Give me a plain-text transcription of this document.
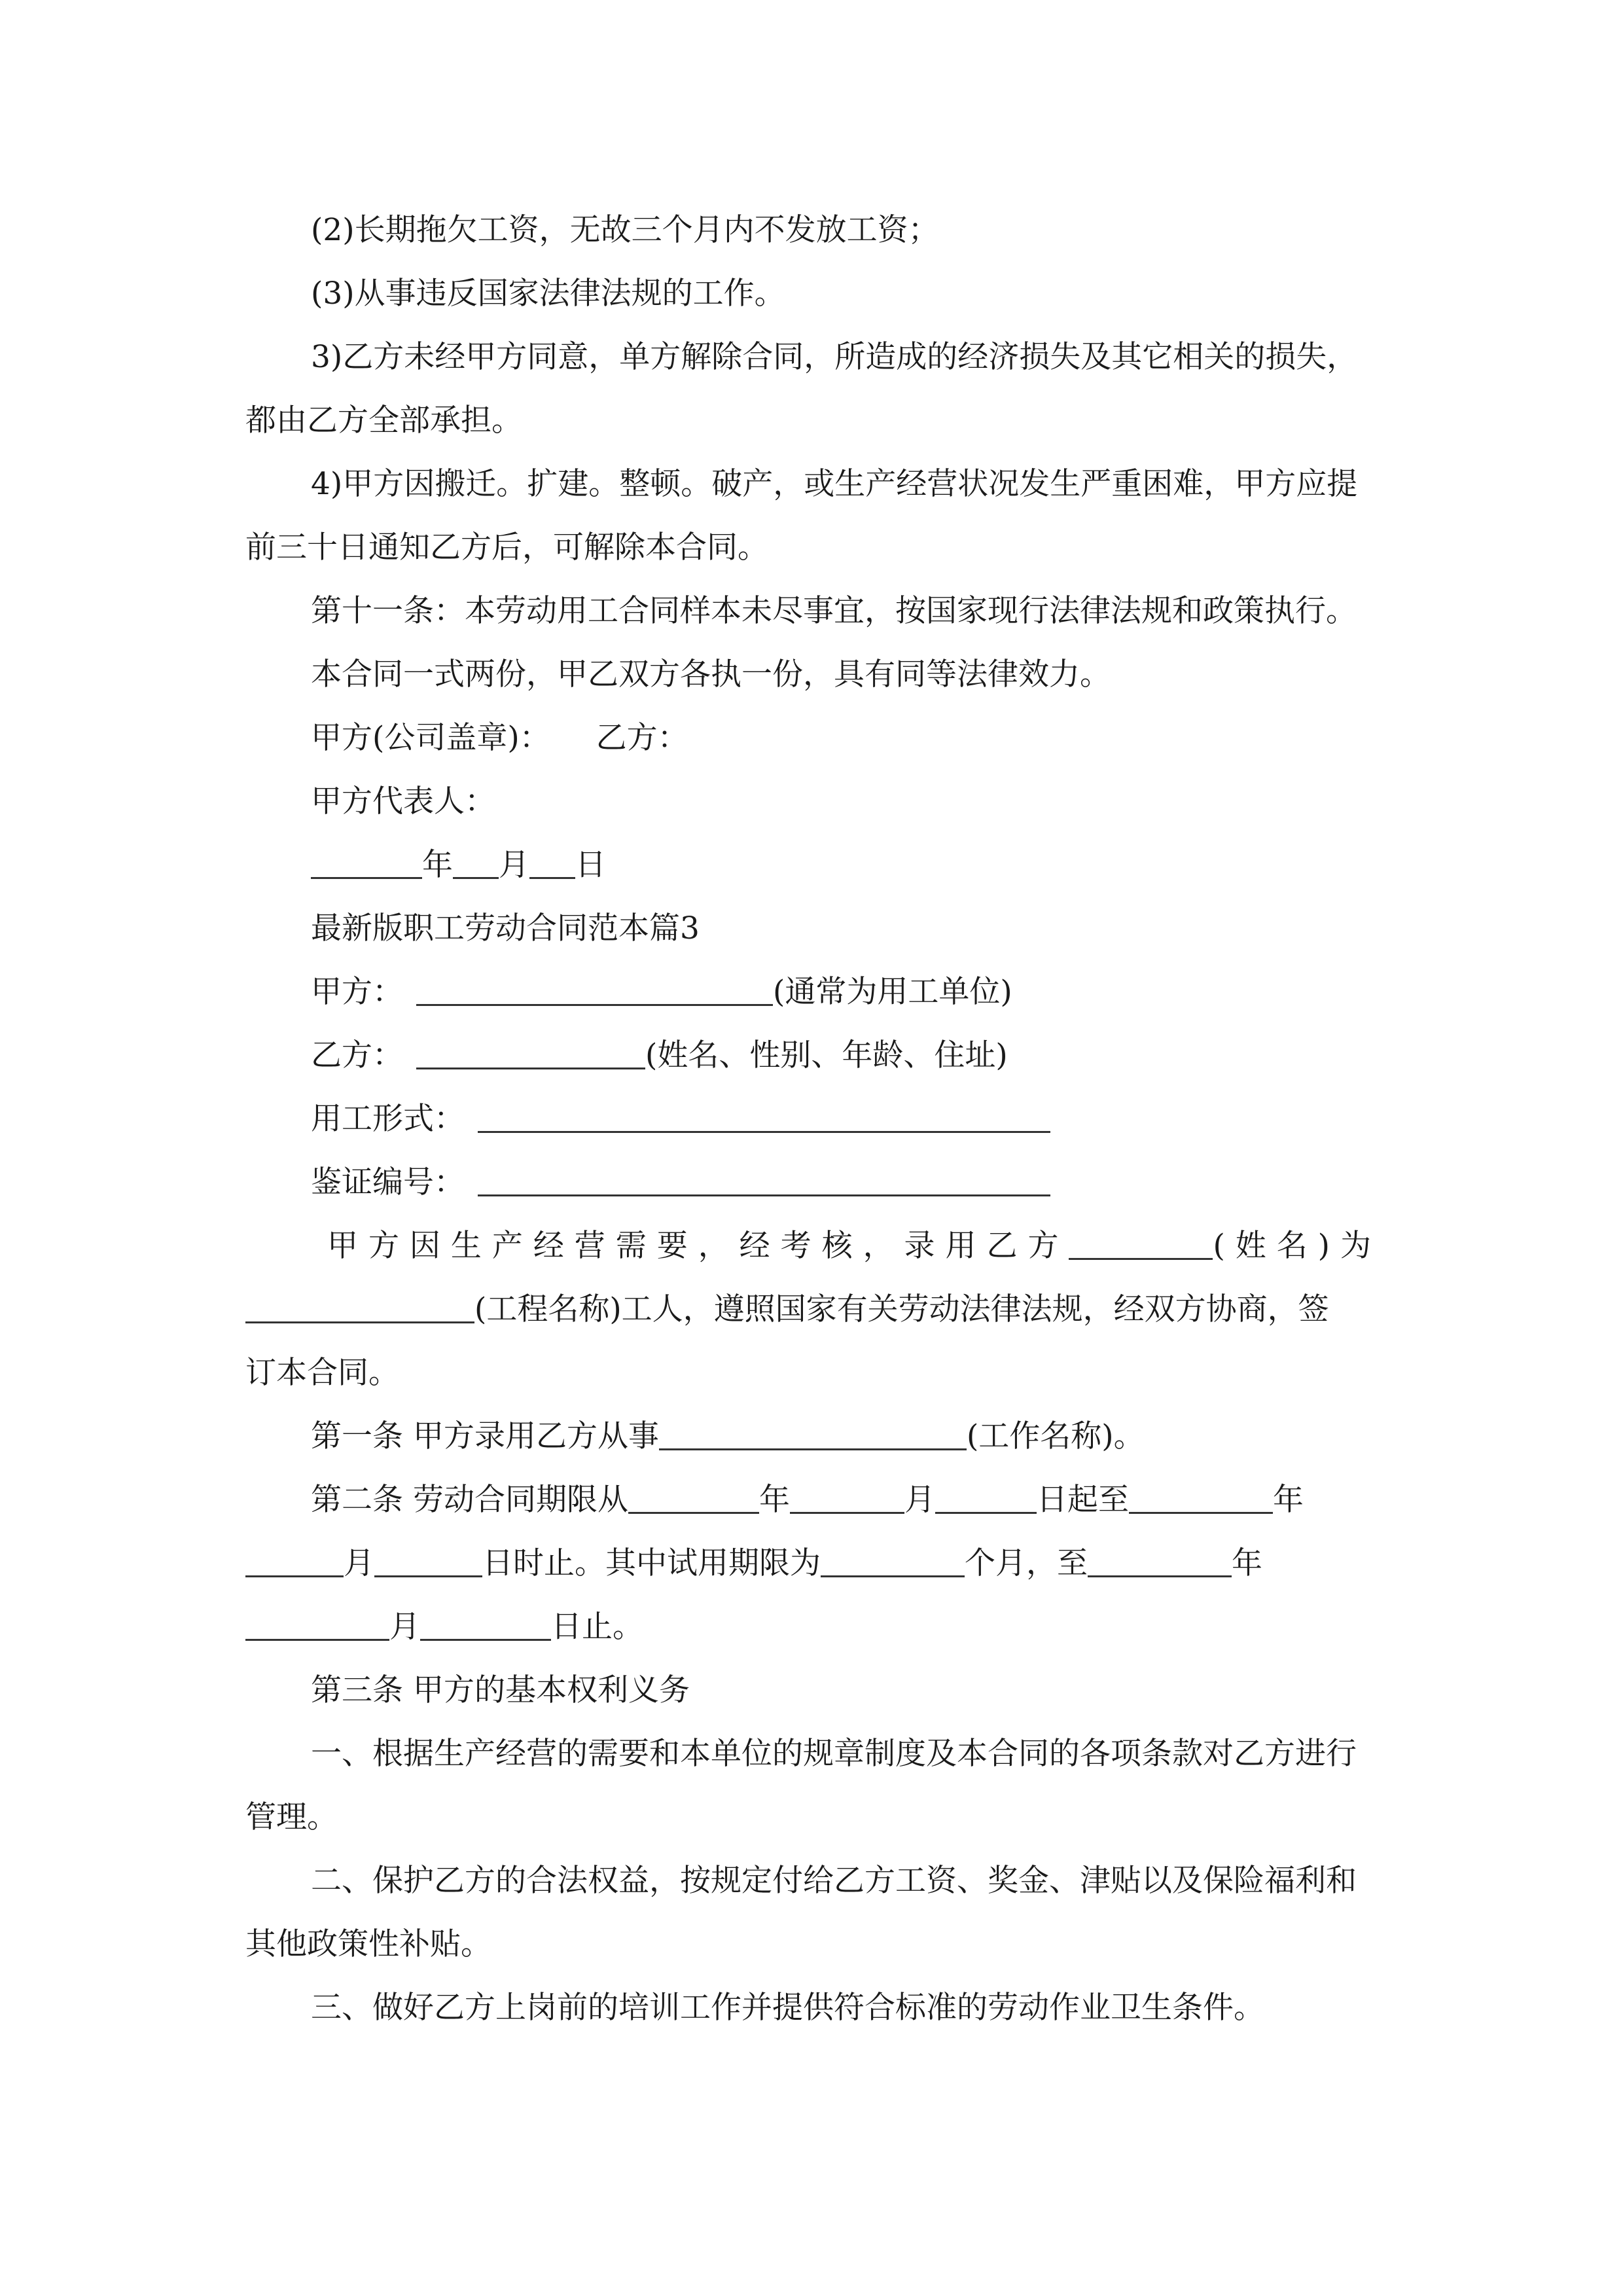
(2)长期拖欠工资，无故三个月内不发放工资；
(3)从事违反国家法律法规的工作。

3)乙方未经甲方同意，单方解除合同，所造成的经济损失及其它相关的损失，都由乙方全部承担。

4)甲方因搬迁。扩建。整顿。破产，或生产经营状况发生严重困难，甲方应提前三十日通知乙方后，可解除本合同。

第十一条：本劳动用工合同样本未尽事宜，按国家现行法律法规和政策执行。
本合同一式两份，甲乙双方各执一份，具有同等法律效力。
甲方(公司盖章)： 乙方：
甲方代表人：
年 月 日
最新版职工劳动合同范本篇3
甲方：	(通常为用工单位)
乙方：	(姓名、性别、年龄、住址)
用工形式：
鉴证编号：
甲方因生产经营需要，经考核，录用乙方	(姓名)为
(工程名称)工人，遵照国家有关劳动法律法规，经双方协商，签
订本合同。
第一条 甲方录用乙方从事	(工作名称)。
第二条 劳动合同期限从	年	月	日起至	年
月	日时止。其中试用期限为	个月，至	年
月	日止。
第三条 甲方的基本权利义务

一、根据生产经营的需要和本单位的规章制度及本合同的各项条款对乙方进行管理。

二、保护乙方的合法权益，按规定付给乙方工资、奖金、津贴以及保险福利和其他政策性补贴。

三、做好乙方上岗前的培训工作并提供符合标准的劳动作业卫生条件。
